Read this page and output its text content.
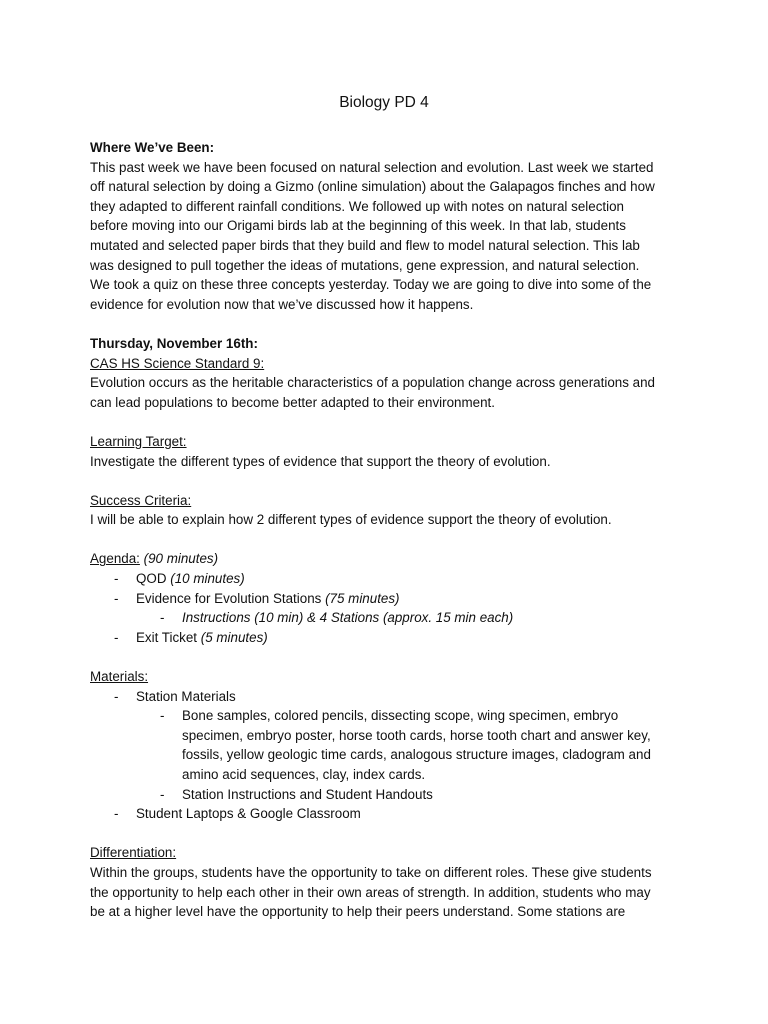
Biology PD 4

Where We’ve Been:

This past week we have been focused on natural selection and evolution. Last week we started

off natural selection by doing a Gizmo (online simulation) about the Galapagos finches and how

they adapted to different rainfall conditions. We followed up with notes on natural selection

before moving into our Origami birds lab at the beginning of this week. In that lab, students

mutated and selected paper birds that they build and flew to model natural selection. This lab

was designed to pull together the ideas of mutations, gene expression, and natural selection.

We took a quiz on these three concepts yesterday. Today we are going to dive into some of the

evidence for evolution now that we’ve discussed how it happens.

Thursday, November 16th:

CAS HS Science Standard 9:

Evolution occurs as the heritable characteristics of a population change across generations and

can lead populations to become better adapted to their environment.

Learning Target:

Investigate the different types of evidence that support the theory of evolution.

Success Criteria:

I will be able to explain how 2 different types of evidence support the theory of evolution.

Agenda: (90 minutes)

-	QOD (10 minutes)

-	Evidence for Evolution Stations (75 minutes)

-	Instructions (10 min) & 4 Stations (approx. 15 min each)

-	Exit Ticket (5 minutes)

Materials:

-	Station Materials

-	Bone samples, colored pencils, dissecting scope, wing specimen, embryo

specimen, embryo poster, horse tooth cards, horse tooth chart and answer key,

fossils, yellow geologic time cards, analogous structure images, cladogram and

amino acid sequences, clay, index cards.

-	Station Instructions and Student Handouts

-	Student Laptops & Google Classroom

Differentiation:

Within the groups, students have the opportunity to take on different roles. These give students

the opportunity to help each other in their own areas of strength. In addition, students who may

be at a higher level have the opportunity to help their peers understand. Some stations are
